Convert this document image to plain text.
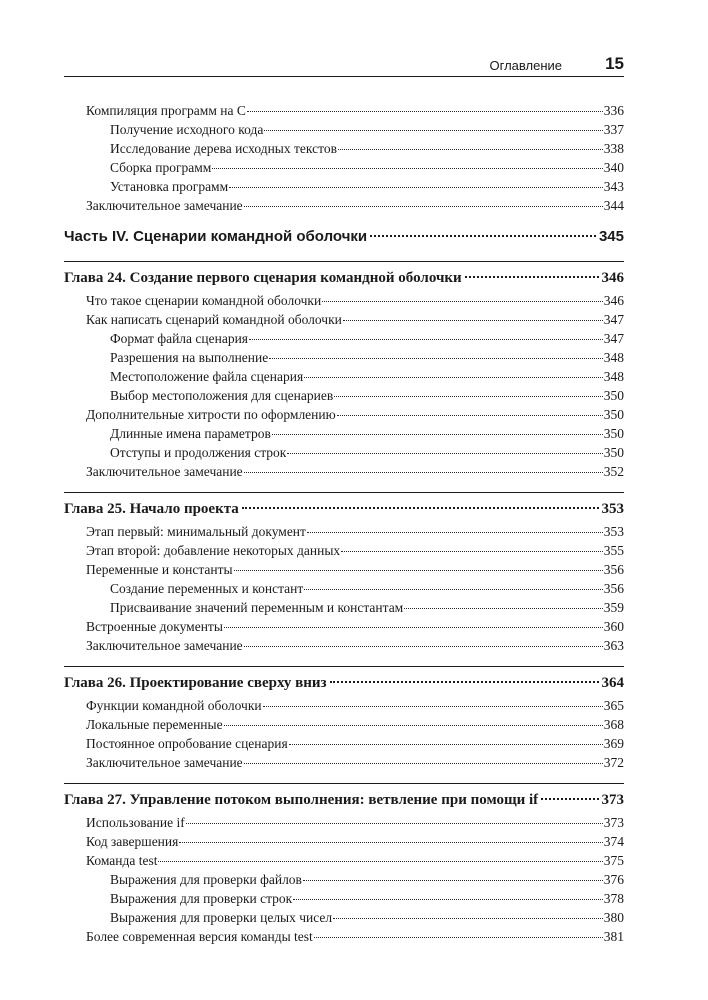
Оглавление	15
Компиляция программ на С	336
Получение исходного кода	337
Исследование дерева исходных текстов	338
Сборка программ	340
Установка программ	343
Заключительное замечание	344
Часть IV. Сценарии командной оболочки	345
Глава 24. Создание первого сценария командной оболочки	346
Что такое сценарии командной оболочки	346
Как написать сценарий командной оболочки	347
Формат файла сценария	347
Разрешения на выполнение	348
Местоположение файла сценария	348
Выбор местоположения для сценариев	350
Дополнительные хитрости по оформлению	350
Длинные имена параметров	350
Отступы и продолжения строк	350
Заключительное замечание	352
Глава 25. Начало проекта	353
Этап первый: минимальный документ	353
Этап второй: добавление некоторых данных	355
Переменные и константы	356
Создание переменных и констант	356
Присваивание значений переменным и константам	359
Встроенные документы	360
Заключительное замечание	363
Глава 26. Проектирование сверху вниз	364
Функции командной оболочки	365
Локальные переменные	368
Постоянное опробование сценария	369
Заключительное замечание	372
Глава 27. Управление потоком выполнения: ветвление при помощи if	373
Использование if	373
Код завершения	374
Команда test	375
Выражения для проверки файлов	376
Выражения для проверки строк	378
Выражения для проверки целых чисел	380
Более современная версия команды test	381
